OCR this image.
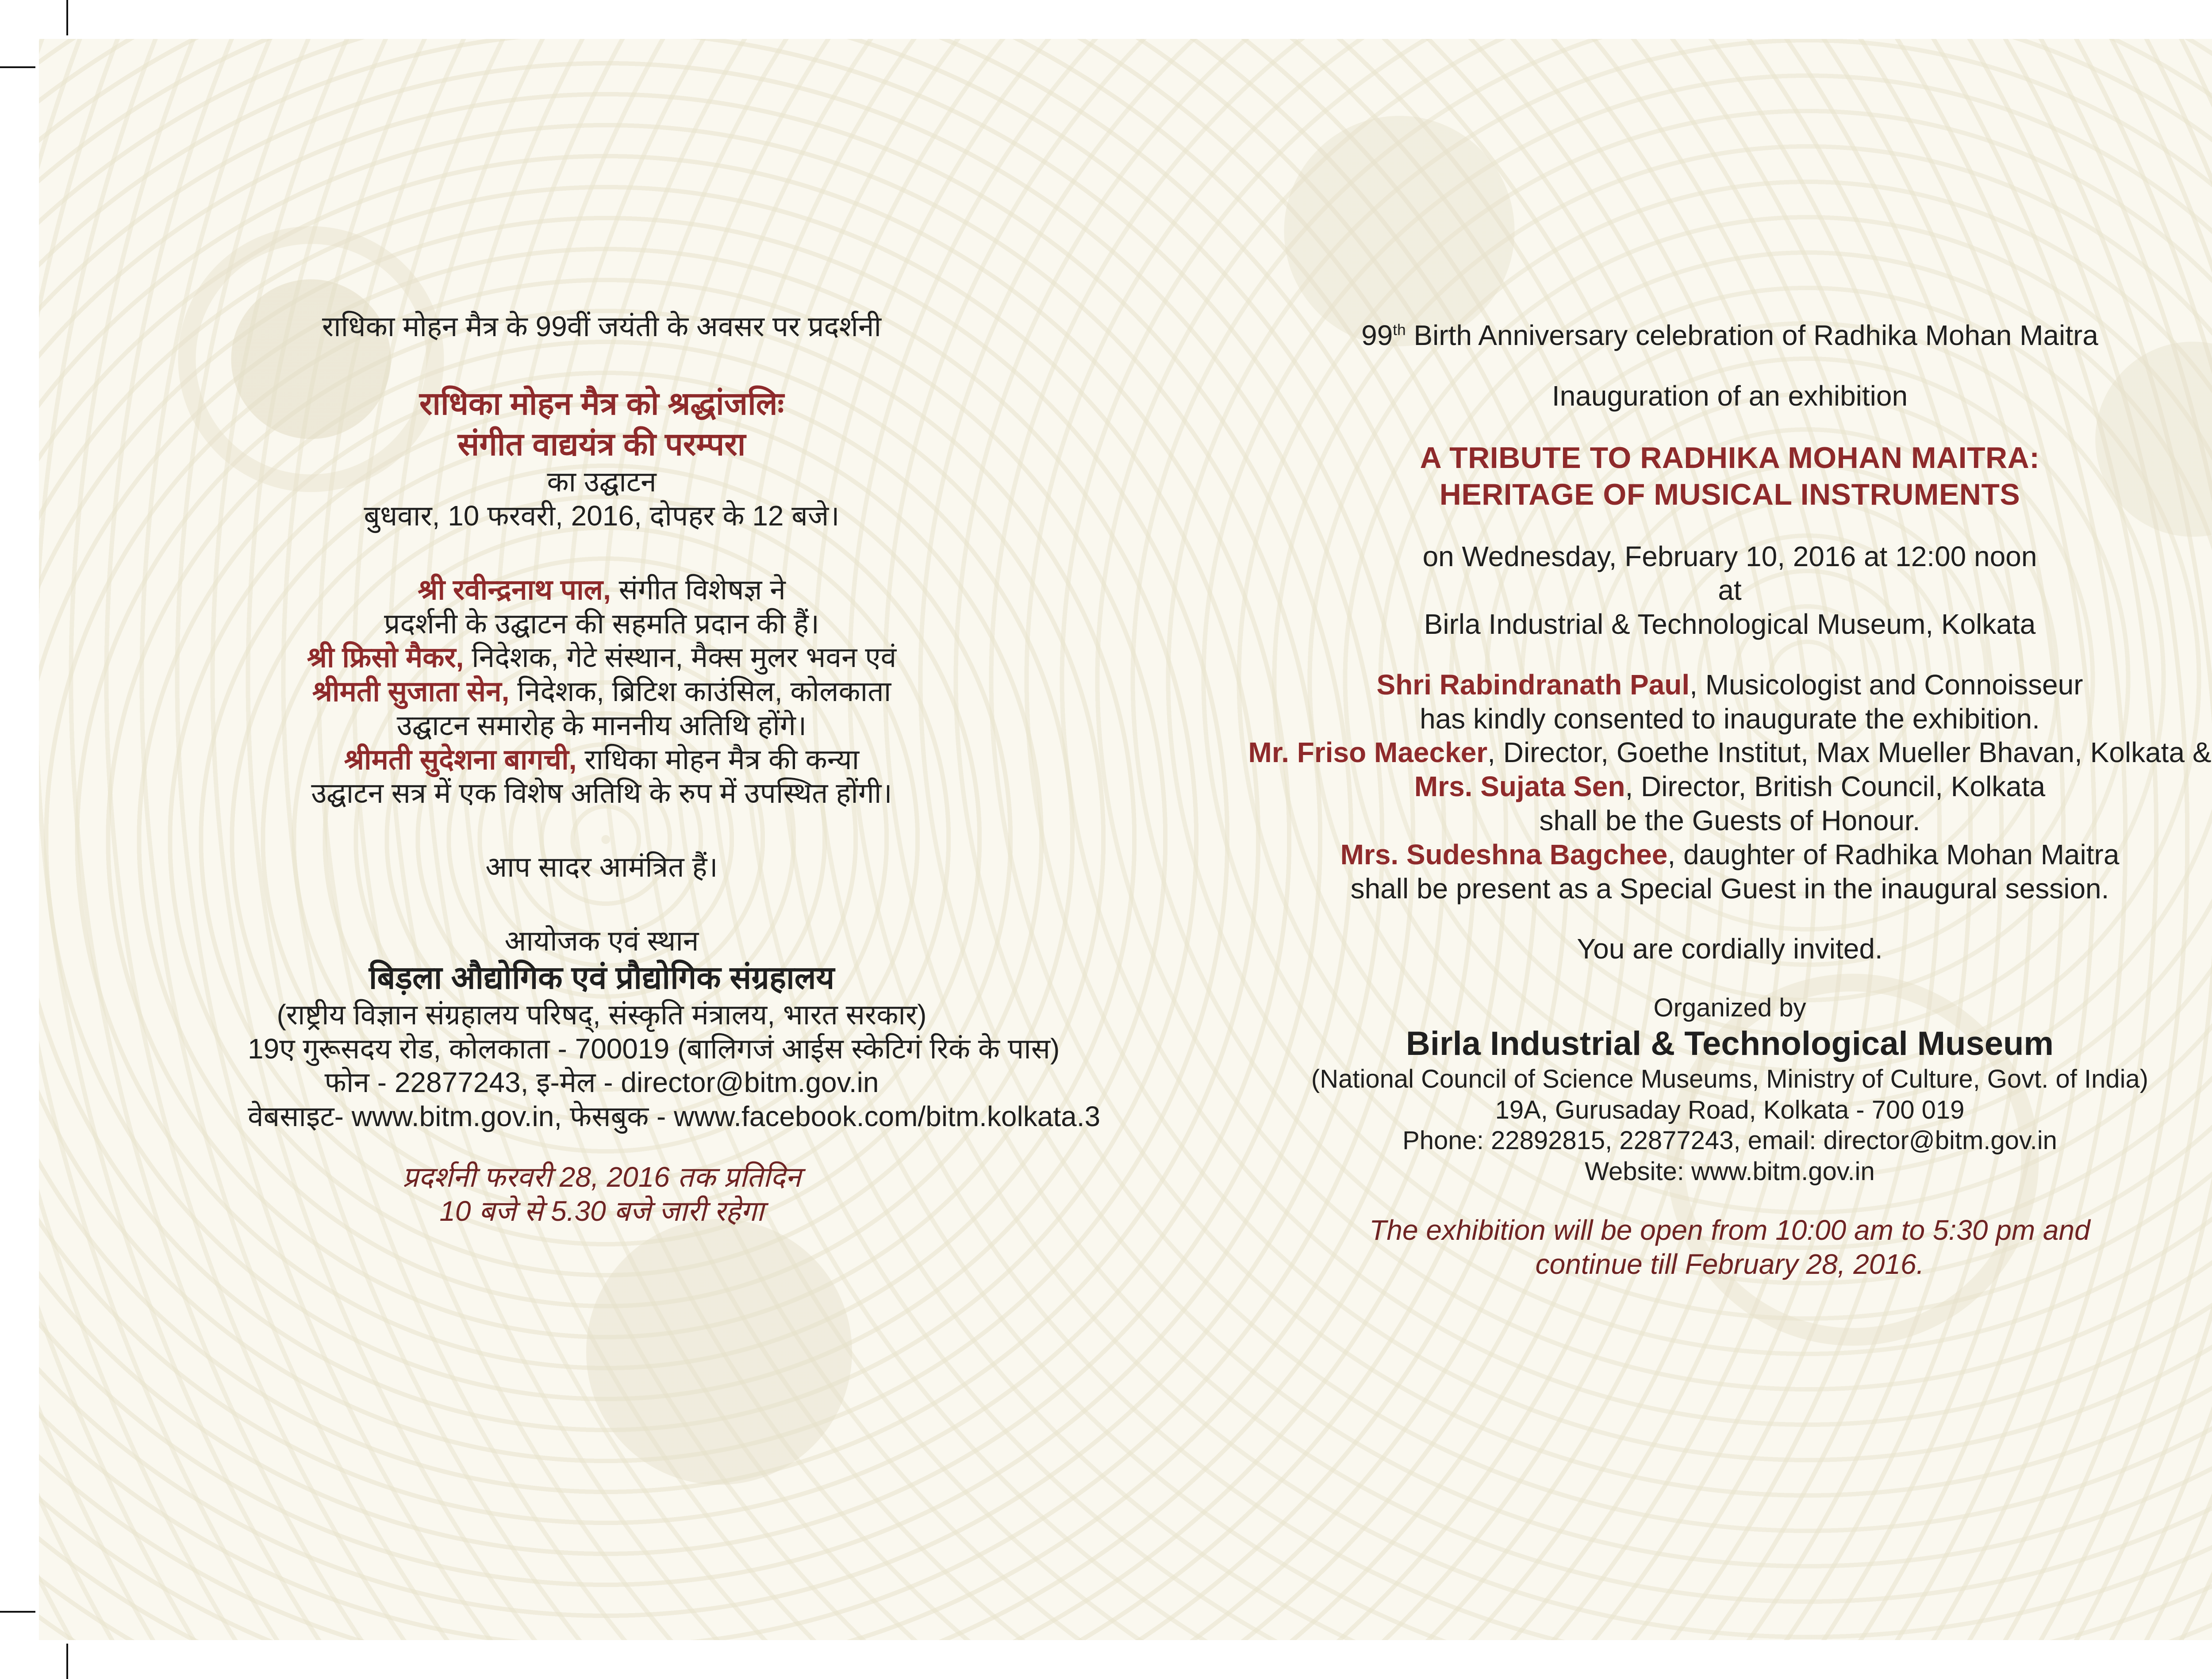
राधिका मोहन मैत्र के 99वीं जयंती के अवसर पर प्रदर्शनी

राधिका मोहन मैत्र को श्रद्धांजलिः

संगीत वाद्ययंत्र की परम्परा

का उद्घाटन

बुधवार, 10 फरवरी, 2016, दोपहर के 12 बजे।

श्री रवीन्द्रनाथ पाल, संगीत विशेषज्ञ ने

प्रदर्शनी के उद्घाटन की सहमति प्रदान की हैं।

श्री फ्रिसो मैकर, निदेशक, गेटे संस्थान, मैक्स मुलर भवन एवं

श्रीमती सुजाता सेन, निदेशक, ब्रिटिश काउंसिल, कोलकाता

उद्घाटन समारोह के माननीय अतिथि होंगे।

श्रीमती सुदेशना बागची, राधिका मोहन मैत्र की कन्या

उद्घाटन सत्र में एक विशेष अतिथि के रुप में उपस्थित होंगी।

आप सादर आमंत्रित हैं।

आयोजक एवं स्थान

बिड़ला औद्योगिक एवं प्रौद्योगिक संग्रहालय

(राष्ट्रीय विज्ञान संग्रहालय परिषद्, संस्कृति मंत्रालय, भारत सरकार)

19ए गुरूसदय रोड, कोलकाता - 700019 (बालिगजं आईस स्केटिगं रिकं के पास)

फोन - 22877243, इ-मेल - director@bitm.gov.in

वेबसाइट- www.bitm.gov.in, फेसबुक - www.facebook.com/bitm.kolkata.3

प्रदर्शनी फरवरी 28, 2016 तक प्रतिदिन

10 बजे से 5.30 बजे जारी रहेगा

99th Birth Anniversary celebration of Radhika Mohan Maitra

Inauguration of an exhibition

A TRIBUTE TO RADHIKA MOHAN MAITRA:

HERITAGE OF MUSICAL INSTRUMENTS

on Wednesday, February 10, 2016 at 12:00 noon

at

Birla Industrial & Technological Museum, Kolkata

Shri Rabindranath Paul, Musicologist and Connoisseur

has kindly consented to inaugurate the exhibition.

Mr. Friso Maecker, Director, Goethe Institut, Max Mueller Bhavan, Kolkata &

Mrs. Sujata Sen, Director, British Council, Kolkata

shall be the Guests of Honour.

Mrs. Sudeshna Bagchee, daughter of Radhika Mohan Maitra

shall be present as a Special Guest in the inaugural session.

You are cordially invited.

Organized by

Birla Industrial & Technological Museum

(National Council of Science Museums, Ministry of Culture, Govt. of India)

19A, Gurusaday Road, Kolkata - 700 019

Phone: 22892815, 22877243, email: director@bitm.gov.in

Website: www.bitm.gov.in

The exhibition will be open from 10:00 am to 5:30 pm and

continue till February 28, 2016.
